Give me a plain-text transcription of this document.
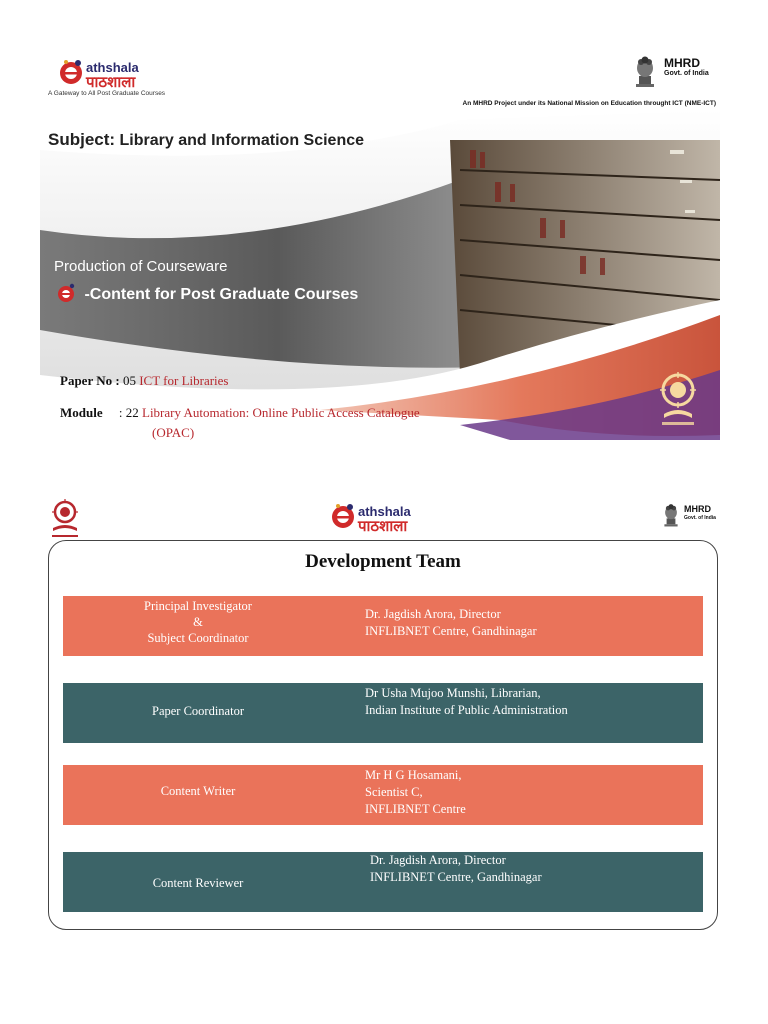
athshala
पाठशाला
A Gateway to All Post Graduate Courses
MHRD
Govt. of India
An MHRD Project under its National Mission on Education throught ICT (NME-ICT)
Subject: Library and Information Science
Production of Courseware
-Content for Post Graduate Courses
Paper No : 05 ICT for Libraries
Module : 22 Library Automation: Online Public Access Catalogue
(OPAC)
athshala
पाठशाला
MHRD
Govt. of India
Development Team
Principal Investigator
&
Subject Coordinator
Dr. Jagdish Arora, Director
INFLIBNET Centre, Gandhinagar
Paper Coordinator
Dr Usha Mujoo Munshi, Librarian,
Indian Institute of Public Administration
Content Writer
Mr H G Hosamani,
Scientist C,
INFLIBNET Centre
Content Reviewer
Dr. Jagdish Arora, Director
INFLIBNET Centre, Gandhinagar
